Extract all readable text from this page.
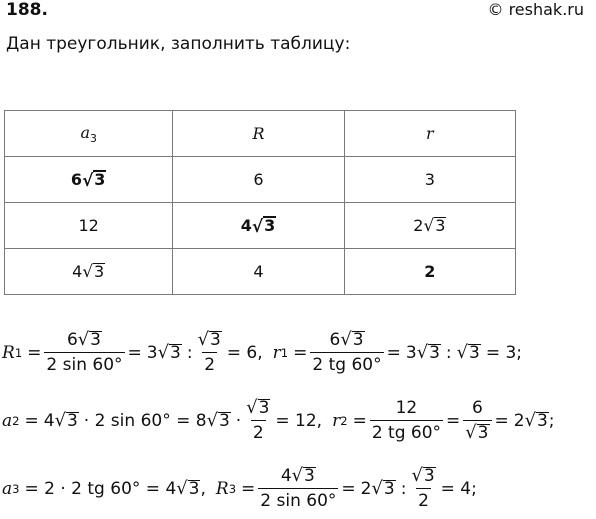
188.	© reshak.ru
Дан треугольник, заполнить таблицу:
$a_3$	R	r
6 √ 3	6	3
12	4 √ 3	2 √ 3

4 √ 3	4	2
R $1 = \frac{6 √ 3}{2 \sin 60^\circ} = 3$ √ 3 : $\frac{√ 3}{2} = 6$, r $1 = \frac{6 √ 3}{2 tg 60^\circ} = 3$ √ 3 : √ 3 = 3;
a 2 = 4 √ 3 · 2 sin 60° = 8 √ $3 \cdot \frac{√ 3}{2} = 12$, r $2 = \frac{12}{2 tg 60^\circ} = \frac{6}{√ 3} = 2$ √ 3 ;
a 3 = 2 · 2 tg 60° = 4 √ 3 , R $3 = \frac{4 √ 3}{2 \sin 60^\circ} = 2$ √ 3 : $\frac{√ 3}{2} = 4$;
